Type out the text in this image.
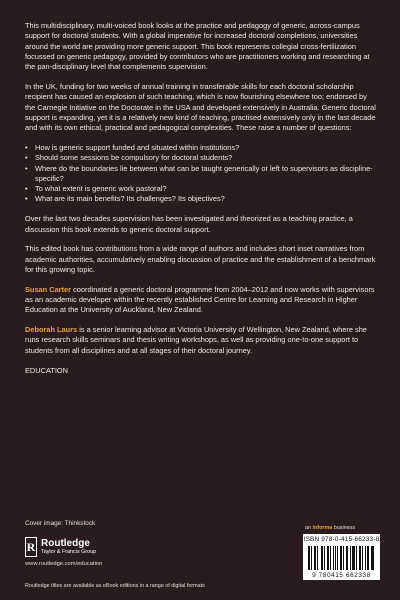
This multidisciplinary, multi-voiced book looks at the practice and pedagogy of generic, across-campus support for doctoral students. With a global imperative for increased doctoral completions, universities around the world are providing more generic support. This book represents collegial cross-fertilization focussed on generic pedagogy, provided by contributors who are practitioners working and researching at the pan-disciplinary level that complements supervision.

In the UK, funding for two weeks of annual training in transferable skills for each doctoral scholarship recipient has caused an explosion of such teaching, which is now flourishing elsewhere too; endorsed by the Carnegie Initiative on the Doctorate in the USA and developed extensively in Australia. Generic doctoral support is expanding, yet it is a relatively new kind of teaching, practised extensively only in the last decade and with its own ethical, practical and pedagogical complexities. These raise a number of questions:

• How is generic support funded and situated within institutions?
• Should some sessions be compulsory for doctoral students?
• Where do the boundaries lie between what can be taught generically or left to supervisors as discipline-specific?
• To what extent is generic work pastoral?
• What are its main benefits? Its challenges? Its objectives?

Over the last two decades supervision has been investigated and theorized as a teaching practice, a discussion this book extends to generic doctoral support.

This edited book has contributions from a wide range of authors and includes short inset narratives from academic authorities, accumulatively enabling discussion of practice and the establishment of a benchmark for this growing topic.

Susan Carter coordinated a generic doctoral programme from 2004–2012 and now works with supervisors as an academic developer within the recently established Centre for Learning and Research in Higher Education at the University of Auckland, New Zealand.

Deborah Laurs is a senior learning advisor at Victoria University of Wellington, New Zealand, where she runs research skills seminars and thesis writing workshops, as well as providing one-to-one support to students from all disciplines and at all stages of their doctoral journey.

EDUCATION

Cover image: Thinkstock
R Routledge
Taylor & Francis Group
www.routledge.com/education
Routledge titles are available as eBook editions in a range of digital formats
an informa business
ISBN 978-0-415-66233-8
9 780415 662338
